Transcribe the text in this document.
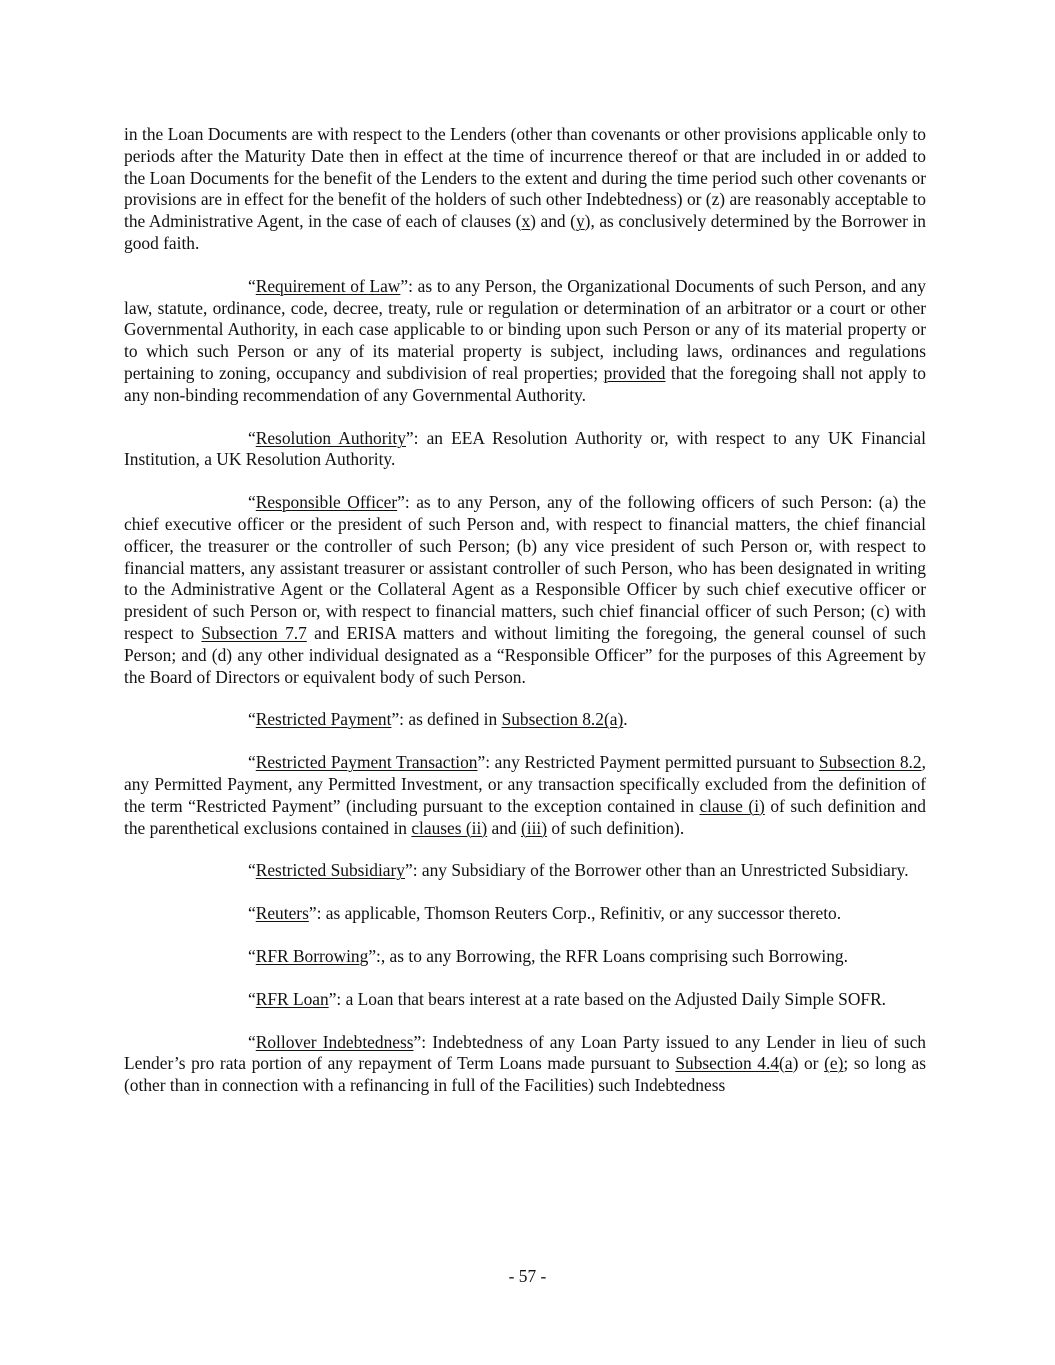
in the Loan Documents are with respect to the Lenders (other than covenants or other provisions applicable only to periods after the Maturity Date then in effect at the time of incurrence thereof or that are included in or added to the Loan Documents for the benefit of the Lenders to the extent and during the time period such other covenants or provisions are in effect for the benefit of the holders of such other Indebtedness) or (z) are reasonably acceptable to the Administrative Agent, in the case of each of clauses (x) and (y), as conclusively determined by the Borrower in good faith.

“Requirement of Law”: as to any Person, the Organizational Documents of such Person, and any law, statute, ordinance, code, decree, treaty, rule or regulation or determination of an arbitrator or a court or other Governmental Authority, in each case applicable to or binding upon such Person or any of its material property or to which such Person or any of its material property is subject, including laws, ordinances and regulations pertaining to zoning, occupancy and subdivision of real properties; provided that the foregoing shall not apply to any non-binding recommendation of any Governmental Authority.

“Resolution Authority”: an EEA Resolution Authority or, with respect to any UK Financial Institution, a UK Resolution Authority.

“Responsible Officer”: as to any Person, any of the following officers of such Person: (a) the chief executive officer or the president of such Person and, with respect to financial matters, the chief financial officer, the treasurer or the controller of such Person; (b) any vice president of such Person or, with respect to financial matters, any assistant treasurer or assistant controller of such Person, who has been designated in writing to the Administrative Agent or the Collateral Agent as a Responsible Officer by such chief executive officer or president of such Person or, with respect to financial matters, such chief financial officer of such Person; (c) with respect to Subsection 7.7 and ERISA matters and without limiting the foregoing, the general counsel of such Person; and (d) any other individual designated as a “Responsible Officer” for the purposes of this Agreement by the Board of Directors or equivalent body of such Person.

“Restricted Payment”: as defined in Subsection 8.2(a).

“Restricted Payment Transaction”: any Restricted Payment permitted pursuant to Subsection 8.2, any Permitted Payment, any Permitted Investment, or any transaction specifically excluded from the definition of the term “Restricted Payment” (including pursuant to the exception contained in clause (i) of such definition and the parenthetical exclusions contained in clauses (ii) and (iii) of such definition).

“Restricted Subsidiary”: any Subsidiary of the Borrower other than an Unrestricted Subsidiary.

“Reuters”: as applicable, Thomson Reuters Corp., Refinitiv, or any successor thereto.

“RFR Borrowing”:, as to any Borrowing, the RFR Loans comprising such Borrowing.

“RFR Loan”: a Loan that bears interest at a rate based on the Adjusted Daily Simple SOFR.

“Rollover Indebtedness”: Indebtedness of any Loan Party issued to any Lender in lieu of such Lender’s pro rata portion of any repayment of Term Loans made pursuant to Subsection 4.4(a) or (e); so long as (other than in connection with a refinancing in full of the Facilities) such Indebtedness

- 57 -
